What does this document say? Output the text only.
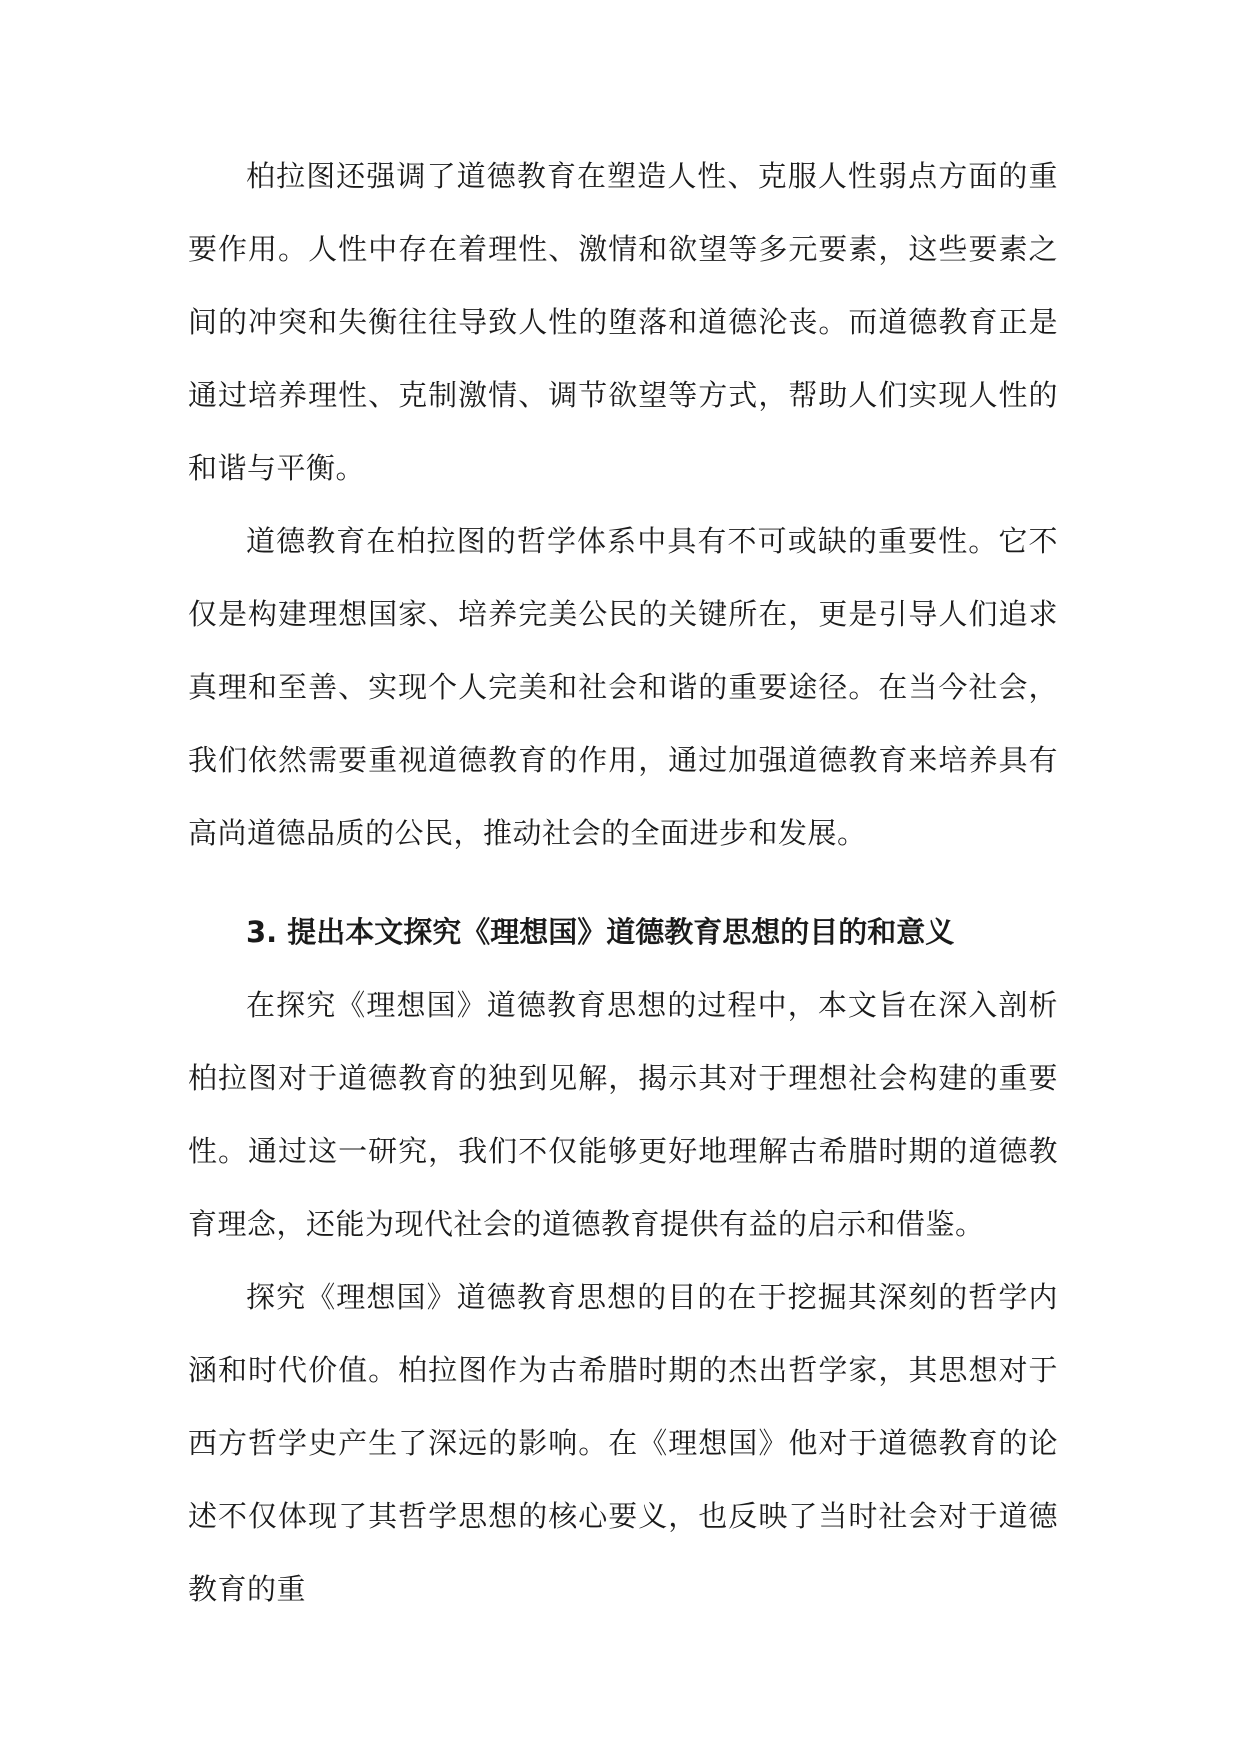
柏拉图还强调了道德教育在塑造人性、克服人性弱点方面的重要作用。人性中存在着理性、激情和欲望等多元要素，这些要素之间的冲突和失衡往往导致人性的堕落和道德沦丧。而道德教育正是通过培养理性、克制激情、调节欲望等方式，帮助人们实现人性的和谐与平衡。

道德教育在柏拉图的哲学体系中具有不可或缺的重要性。它不仅是构建理想国家、培养完美公民的关键所在，更是引导人们追求真理和至善、实现个人完美和社会和谐的重要途径。在当今社会，我们依然需要重视道德教育的作用，通过加强道德教育来培养具有高尚道德品质的公民，推动社会的全面进步和发展。

3. 提出本文探究《理想国》道德教育思想的目的和意义

在探究《理想国》道德教育思想的过程中，本文旨在深入剖析柏拉图对于道德教育的独到见解，揭示其对于理想社会构建的重要性。通过这一研究，我们不仅能够更好地理解古希腊时期的道德教育理念，还能为现代社会的道德教育提供有益的启示和借鉴。

探究《理想国》道德教育思想的目的在于挖掘其深刻的哲学内涵和时代价值。柏拉图作为古希腊时期的杰出哲学家，其思想对于西方哲学史产生了深远的影响。在《理想国》他对于道德教育的论述不仅体现了其哲学思想的核心要义，也反映了当时社会对于道德教育的重
